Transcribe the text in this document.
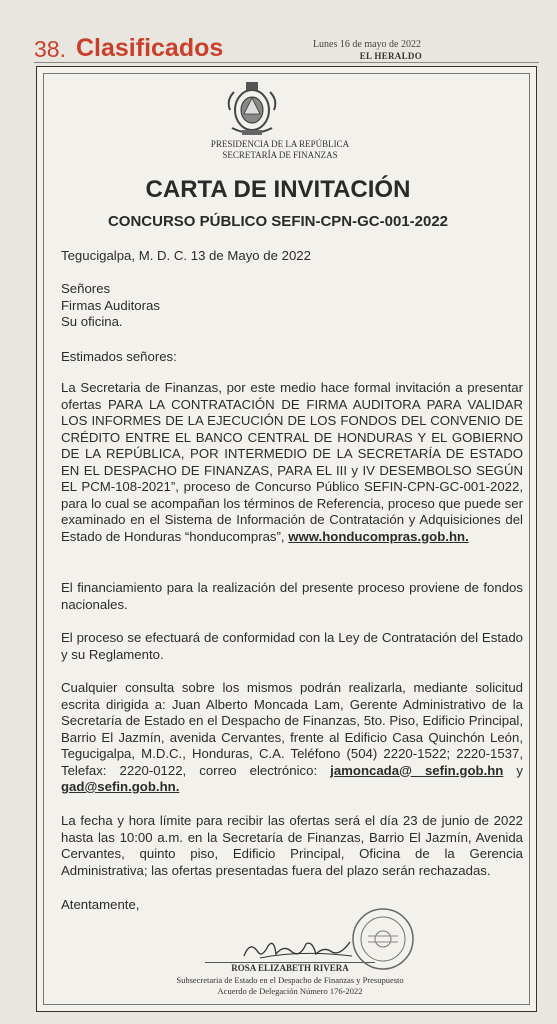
38. Clasificados	Lunes 16 de mayo de 2022
EL HERALDO
PRESIDENCIA DE LA REPÚBLICA
SECRETARÍA DE FINANZAS
CARTA DE INVITACIÓN
CONCURSO PÚBLICO SEFIN-CPN-GC-001-2022
Tegucigalpa, M. D. C. 13 de Mayo de 2022
Señores
Firmas Auditoras
Su oficina.
Estimados señores:
La Secretaria de Finanzas, por este medio hace formal invitación a presentar ofertas PARA LA CONTRATACIÓN DE FIRMA AUDITORA PARA VALIDAR LOS INFORMES DE LA EJECUCIÓN DE LOS FONDOS DEL CONVENIO DE CRÉDITO ENTRE EL BANCO CENTRAL DE HONDURAS Y EL GOBIERNO DE LA REPÚBLICA, POR INTERMEDIO DE LA SECRETARÍA DE ESTADO EN EL DESPACHO DE FINANZAS, PARA EL III y IV DESEMBOLSO SEGÚN EL PCM-108-2021”, proceso de Concurso Público SEFIN-CPN-GC-001-2022, para lo cual se acompañan los términos de Referencia, proceso que puede ser examinado en el Sistema de Información de Contratación y Adquisiciones del Estado de Honduras “honducompras”, www.honducompras.gob.hn.
El financiamiento para la realización del presente proceso proviene de fondos nacionales.
El proceso se efectuará de conformidad con la Ley de Contratación del Estado y su Reglamento.
Cualquier consulta sobre los mismos podrán realizarla, mediante solicitud escrita dirigida a: Juan Alberto Moncada Lam, Gerente Administrativo de la Secretaría de Estado en el Despacho de Finanzas, 5to. Piso, Edificio Principal, Barrio El Jazmín, avenida Cervantes, frente al Edificio Casa Quinchón León, Tegucigalpa, M.D.C., Honduras, C.A. Teléfono (504) 2220-1522; 2220-1537, Telefax: 2220-0122, correo electrónico: jamoncada@ sefin.gob.hn y gad@sefin.gob.hn.
La fecha y hora límite para recibir las ofertas será el día 23 de junio de 2022 hasta las 10:00 a.m. en la Secretaría de Finanzas, Barrio El Jazmín, Avenida Cervantes, quinto piso, Edificio Principal, Oficina de la Gerencia Administrativa; las ofertas presentadas fuera del plazo serán rechazadas.
Atentamente,
ROSA ELIZABETH RIVERA
Subsecretaria de Estado en el Despacho de Finanzas y Presupuesto
Acuerdo de Delegación Número 176-2022
